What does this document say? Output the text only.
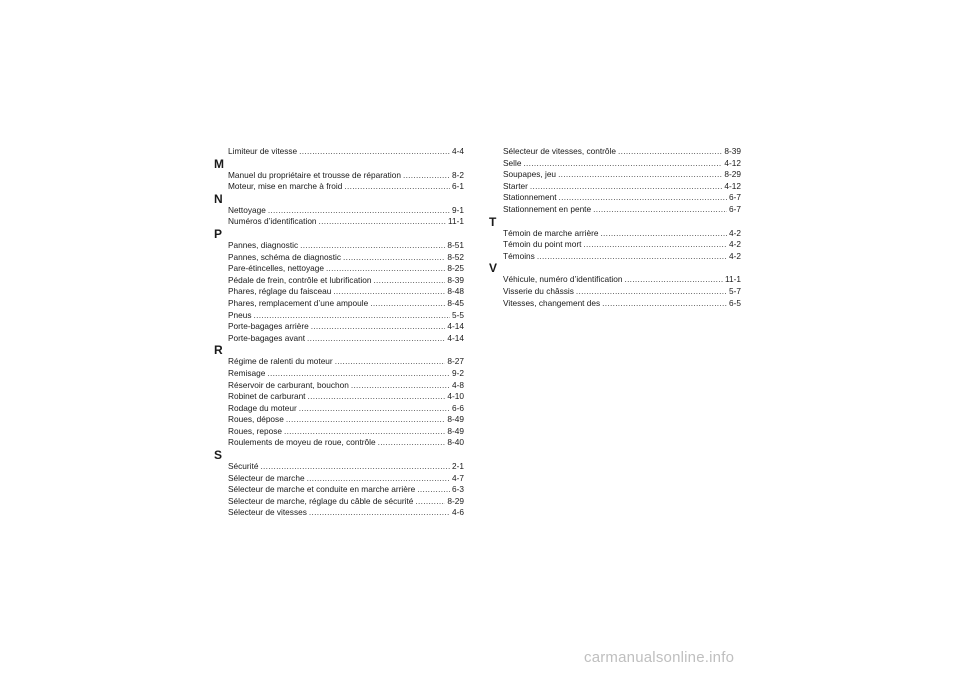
Limiteur de vitesse .....	4-4
M
Manuel du propriétaire et trousse de réparation .....	8-2
Moteur, mise en marche à froid .....	6-1
N
Nettoyage .....	9-1
Numéros d’identification .....	11-1
P
Pannes, diagnostic .....	8-51
Pannes, schéma de diagnostic .....	8-52
Pare-étincelles, nettoyage .....	8-25
Pédale de frein, contrôle et lubrification .....	8-39
Phares, réglage du faisceau .....	8-48
Phares, remplacement d’une ampoule .....	8-45
Pneus .....	5-5
Porte-bagages arrière .....	4-14
Porte-bagages avant .....	4-14
R
Régime de ralenti du moteur .....	8-27
Remisage .....	9-2
Réservoir de carburant, bouchon .....	4-8
Robinet de carburant .....	4-10
Rodage du moteur .....	6-6
Roues, dépose .....	8-49
Roues, repose .....	8-49
Roulements de moyeu de roue, contrôle .....	8-40
S
Sécurité .....	2-1
Sélecteur de marche .....	4-7
Sélecteur de marche et conduite en marche arrière .....	6-3
Sélecteur de marche, réglage du câble de sécurité .....	8-29
Sélecteur de vitesses .....	4-6
Sélecteur de vitesses, contrôle .....	8-39
Selle .....	4-12
Soupapes, jeu .....	8-29
Starter .....	4-12
Stationnement .....	6-7
Stationnement en pente .....	6-7
T
Témoin de marche arrière .....	4-2
Témoin du point mort .....	4-2
Témoins .....	4-2
V
Véhicule, numéro d’identification .....	11-1
Visserie du châssis .....	5-7
Vitesses, changement des .....	6-5
carmanualsonline.info
